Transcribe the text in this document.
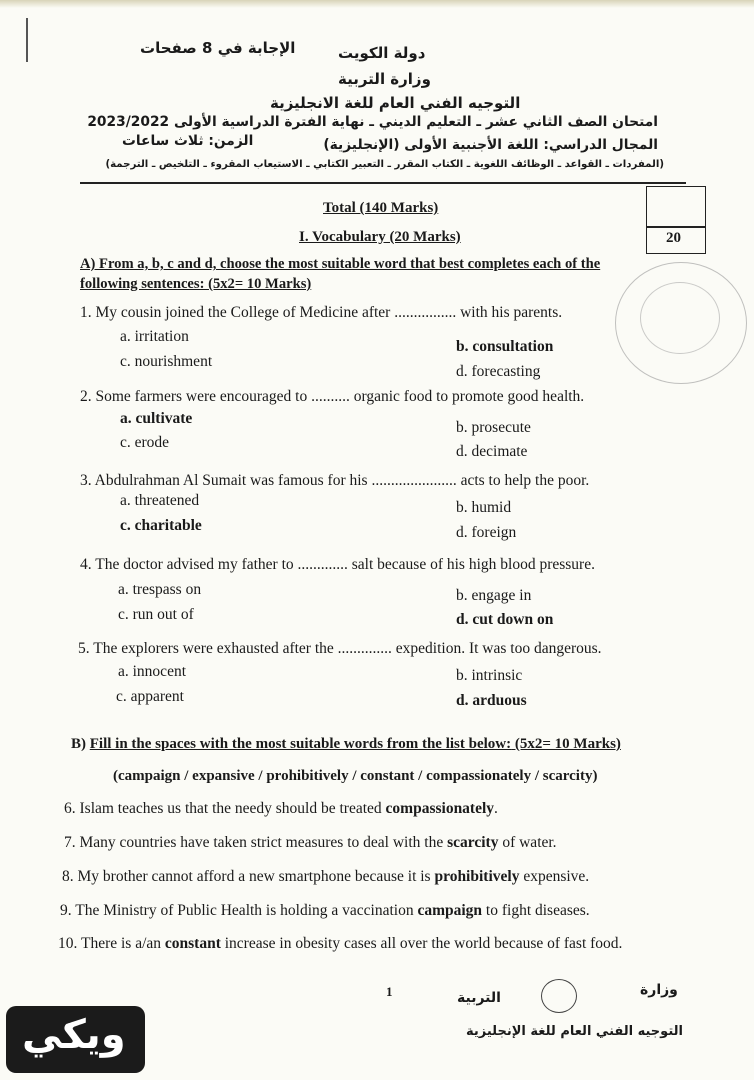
الإجابة في 8 صفحات	دولة الكويت
وزارة التربية
التوجيه الفني العام للغة الانجليزية
امتحان الصف الثاني عشر ـ التعليم الديني ـ نهاية الفترة الدراسية الأولى 2023/2022
المجال الدراسي: اللغة الأجنبية الأولى (الإنجليزية)
الزمن: ثلاث ساعات
(المفردات ـ القواعد ـ الوظائف اللغوية ـ الكتاب المقرر ـ التعبير الكتابي ـ الاستيعاب المقروء ـ التلخيص ـ الترجمة)
20
Total (140 Marks)
I. Vocabulary (20 Marks)
A) From a, b, c and d, choose the most suitable word that best completes each of the
following sentences: (5x2= 10 Marks)
1. My cousin joined the College of Medicine after ................ with his parents.
a. irritation
b. consultation
c. nourishment
d. forecasting
2. Some farmers were encouraged to .......... organic food to promote good health.
a. cultivate
b. prosecute
c. erode
d. decimate
3. Abdulrahman Al Sumait was famous for his ...................... acts to help the poor.
a. threatened	b. humid
c. charitable	d. foreign
4. The doctor advised my father to ............. salt because of his high blood pressure.
a. trespass on	b. engage in
c. run out of	d. cut down on
5. The explorers were exhausted after the .............. expedition. It was too dangerous.
a. innocent	b. intrinsic
c. apparent	d. arduous
B) Fill in the spaces with the most suitable words from the list below: (5x2= 10 Marks)
(campaign / expansive / prohibitively / constant / compassionately / scarcity)
6. Islam teaches us that the needy should be treated compassionately.
7. Many countries have taken strict measures to deal with the scarcity of water.
8. My brother cannot afford a new smartphone because it is prohibitively expensive.
9. The Ministry of Public Health is holding a vaccination campaign to fight diseases.
10. There is a/an constant increase in obesity cases all over the world because of fast food.
1	وزارة
التربية
التوجيه الفني العام للغة الإنجليزية
ويكي
